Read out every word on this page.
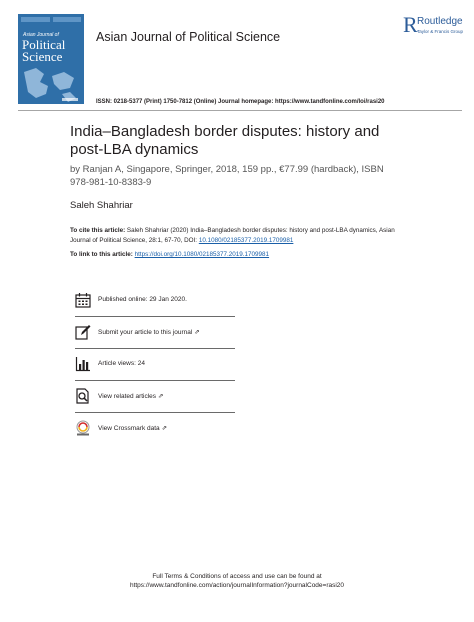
Asian Journal of
Political
Science
Asian Journal of Political Science	R Routledge
Taylor & Francis Group
ISSN: 0218-5377 (Print) 1750-7812 (Online) Journal homepage: https://www.tandfonline.com/loi/rasi20
India–Bangladesh border disputes: history and post-LBA dynamics
by Ranjan A, Singapore, Springer, 2018, 159 pp., €77.99 (hardback), ISBN 978-981-10-8383-9
Saleh Shahriar
To cite this article: Saleh Shahriar (2020) India–Bangladesh border disputes: history and post-LBA dynamics, Asian Journal of Political Science, 28:1, 67-70, DOI: 10.1080/02185377.2019.1709981
To link to this article: https://doi.org/10.1080/02185377.2019.1709981
Published online: 29 Jan 2020.
Submit your article to this journal ⇗
Article views: 24
View related articles ⇗
View Crossmark data ⇗
Full Terms & Conditions of access and use can be found at
https://www.tandfonline.com/action/journalInformation?journalCode=rasi20
